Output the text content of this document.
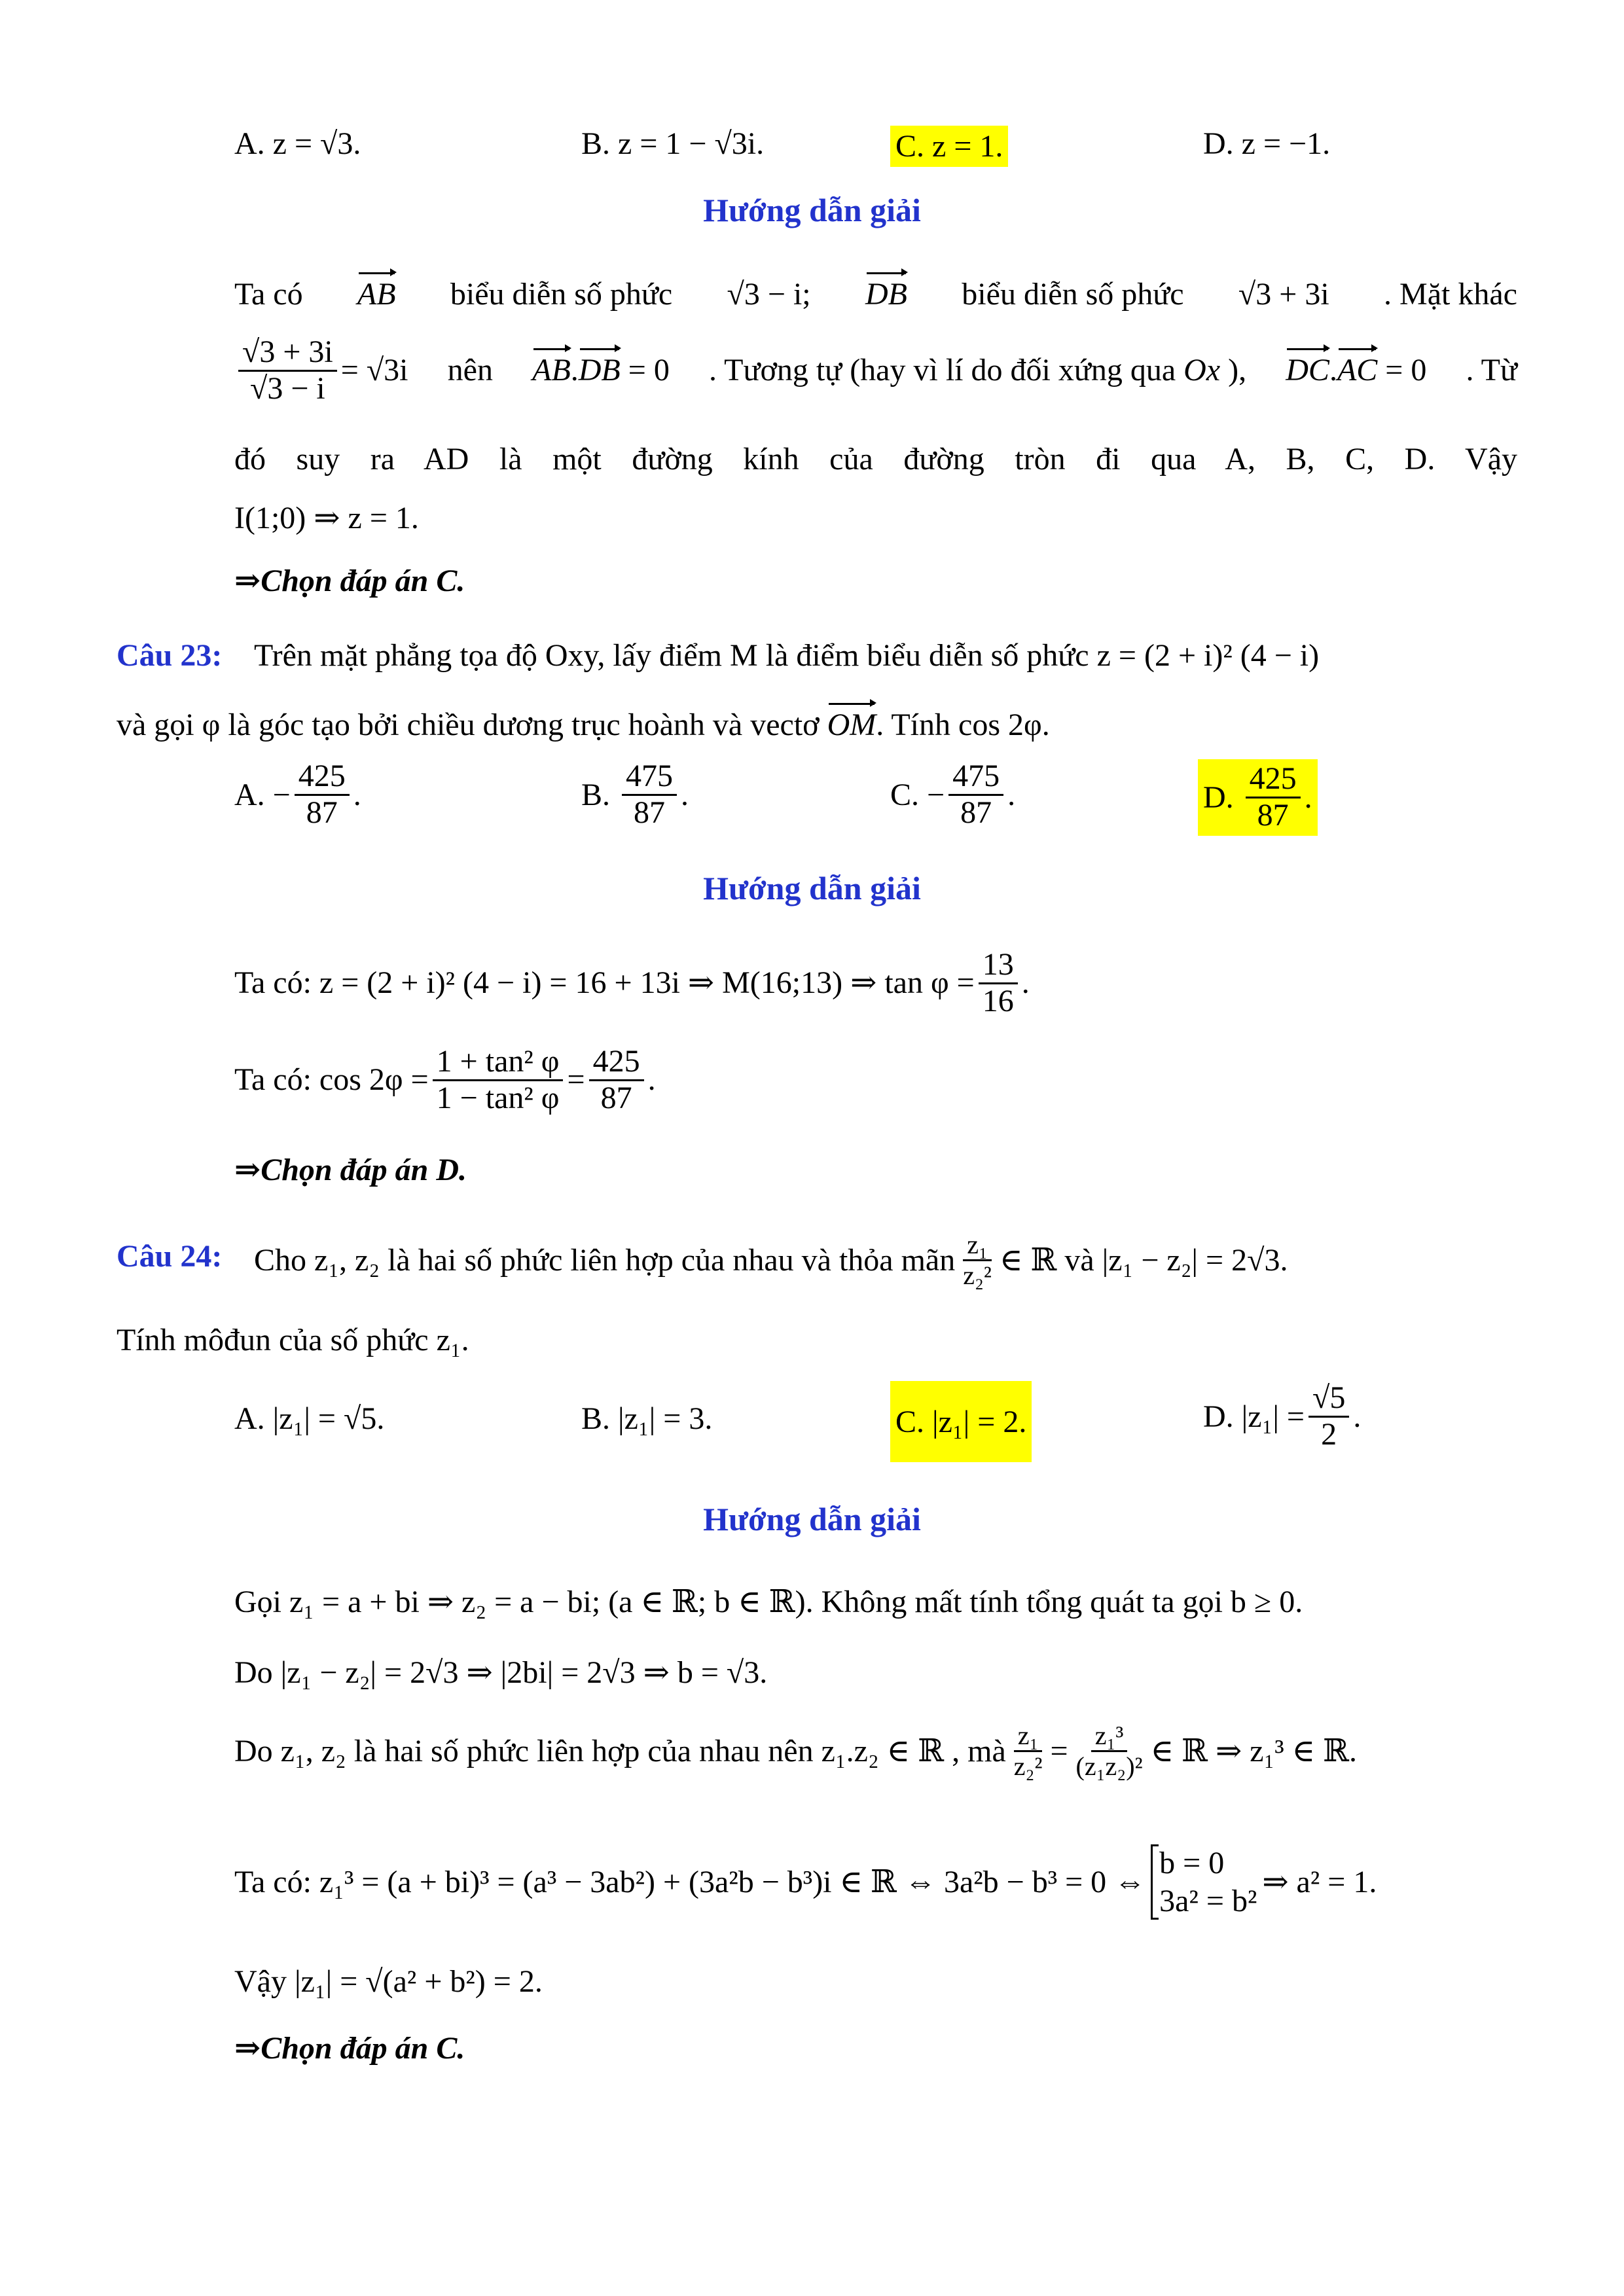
A. z = √3.	B. z = 1 − √3i.	C. z = 1.	D. z = −1.
Hướng dẫn giải
Ta có AB biểu diễn số phức √3 − i; DB biểu diễn số phức √3 + 3i . Mặt khác
$\frac{√3 + 3i}{√3 - i} = √3i$ nên AB.DB = 0 . Tương tự (hay vì lí do đối xứng qua Ox ), DC.AC = 0 . Từ
đó suy ra AD là một đường kính của đường tròn đi qua A, B, C, D. Vậy
I(1;0) ⇒ z = 1.
⇒Chọn đáp án C.
Câu 23: Trên mặt phẳng tọa độ Oxy, lấy điểm M là điểm biểu diễn số phức z = (2 + i)² (4 − i)
và gọi φ là góc tạo bởi chiều dương trục hoành và vectơ OM. Tính cos 2φ.
A.
− $\frac{425}{87}$ .	B.
$\frac{475}{87}$ .	C.
− $\frac{475}{87}$ .	D.
$\frac{425}{87}$ .
Hướng dẫn giải
Ta có: z = (2 + i)² (4 − i) = 16 + 13i ⇒ M(16;13) ⇒ $\tan \varphi = \frac{13}{16}$ .
Ta có: $\cos 2\varphi = \frac{\text{1 + tan² φ}}{\text{1 − tan² φ}} = \frac{425}{87}$ .
⇒Chọn đáp án D.
Câu 24: Cho z₁, z₂ là hai số phức liên hợp của nhau và thỏa mãn $\frac{\text{z₁}}{\text{z₂²}}$ ∈ ℝ và |z₁ − z₂| = 2√3.
Tính môđun của số phức z₁.
A. |z₁| = √5.	B. |z₁| = 3.	C. |z₁| = 2.	D. $|z_1| = \frac{√5}{2}$ .
Hướng dẫn giải
Gọi z₁ = a + bi ⇒ z₂ = a − bi; (a ∈ ℝ; b ∈ ℝ). Không mất tính tổng quát ta gọi b ≥ 0.
Do |z₁ − z₂| = 2√3 ⇒ |2bi| = 2√3 ⇒ b = √3.
Do z₁, z₂ là hai số phức liên hợp của nhau nên z₁.z₂ ∈ ℝ , mà $\frac{\text{z₁}}{\text{z₂²}} = \frac{\text{z₁³}}{\text{(z₁z₂)²}}$ ∈ ℝ ⇒ z₁³ ∈ ℝ.
Ta có: z₁³ = (a + bi)³ = (a³ − 3ab²) + (3a²b − b³)i ∈ ℝ ⇔ 3a²b − b³ = 0 ⇔
b = 0
3a² = b²
⇒ a² = 1.
Vậy |z₁| = √(a² + b²) = 2.
⇒Chọn đáp án C.
